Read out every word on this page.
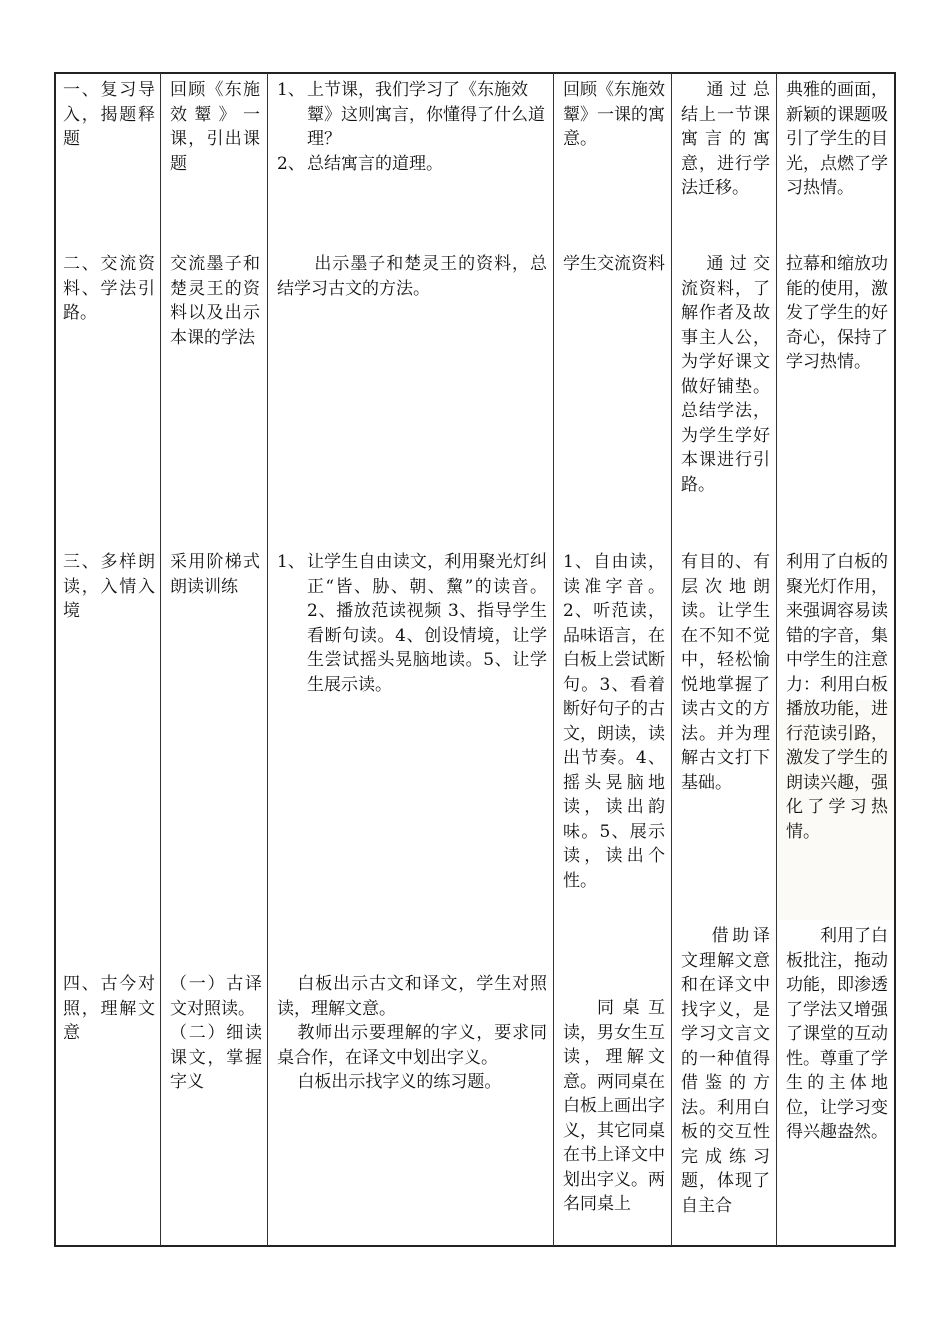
一、复习导入，揭题释题
回顾《东施效颦》一课，引出课题

1、 上节课，我们学习了《东施效颦》这则寓言，你懂得了什么道理？

2、 总结寓言的道理。

回顾《东施效颦》一课的寓意。
通过总结上一节课寓言的寓意，进行学法迁移。
典雅的画面，新颖的课题吸引了学生的目光，点燃了学习热情。
二、交流资料、学法引路。
交流墨子和楚灵王的资料以及出示本课的学法
出示墨子和楚灵王的资料，总结学习古文的方法。
学生交流资料	通过交流资料，了解作者及故事主人公，为学好课文做好铺垫。总结学法，为学生学好本课进行引路。
拉幕和缩放功能的使用，激发了学生的好奇心，保持了学习热情。
三、多样朗读，入情入境
采用阶梯式朗读训练
1、 让学生自由读文，利用聚光灯纠正“皆、胁、朝、黧”的读音。2、播放范读视频 3、指导学生看断句读。4、创设情境，让学生尝试摇头晃脑地读。5、让学生展示读。
1、自由读，读准字音。2、听范读，品味语言，在白板上尝试断句。3、看着断好句子的古文，朗读，读出节奏。4、摇头晃脑地读，读出韵味。5、展示读，读出个性。
有目的、有层次地朗读。让学生在不知不觉中，轻松愉悦地掌握了读古文的方法。并为理解古文打下基础。
利用了白板的聚光灯作用，来强调容易读错的字音，集中学生的注意力：利用白板播放功能，进行范读引路，激发了学生的朗读兴趣，强化了学习热情。
四、古今对照，理解文意

（一）古译文对照读。

（二）细读课文，掌握字义

白板出示古文和译文，学生对照读，理解文意。

教师出示要理解的字义，要求同桌合作，在译文中划出字义。

白板出示找字义的练习题。

同桌互读，男女生互读，理解文意。两同桌在白板上画出字义，其它同桌在书上译文中划出字义。两名同桌上
借助译文理解文意和在译文中找字义，是学习文言文的一种值得借鉴的方法。利用白板的交互性完成练习题，体现了自主合
利用了白板批注，拖动功能，即渗透了学法又增强了课堂的互动性。尊重了学生的主体地位，让学习变得兴趣盎然。
